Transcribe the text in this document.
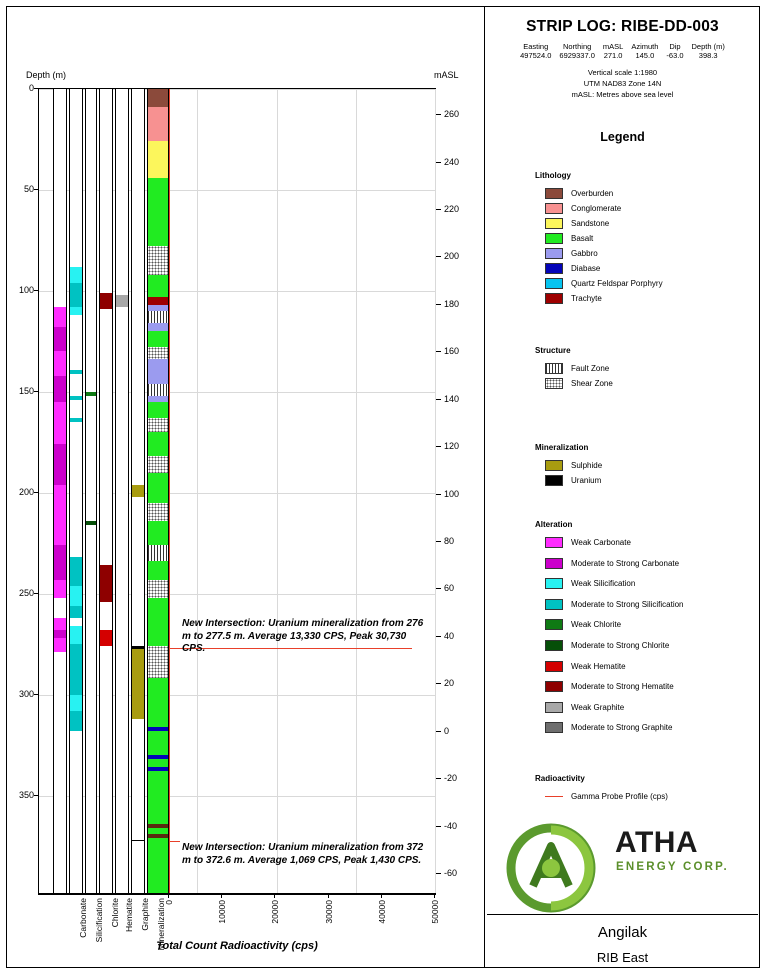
Depth (m)	mASL
Total Count Radioactivity (cps)
0
50
100
150
200
250
300
350
260
240
220
200
180
160
140
120
100
80
60
40
20
0
-20
-40
-60
0	10000	20000	30000	40000	50000
Carbonate Silicification Chlorite Hematite Graphite Mineralization
New Intersection: Uranium mineralization from 276 m to 277.5 m. Average 13,330 CPS, Peak 30,730 CPS.
New Intersection: Uranium mineralization from 372 m to 372.6 m. Average 1,069 CPS, Peak 1,430 CPS.
STRIP LOG: RIBE-DD-003
Easting	Northing	mASL	Azimuth	Dip	Depth (m)
497524.0	6929337.0	271.0	145.0	-63.0	398.3
Vertical scale 1:1980
UTM NAD83 Zone 14N
mASL: Metres above sea level
Legend
Lithology
Overburden
Conglomerate
Sandstone
Basalt
Gabbro
Diabase
Quartz Feldspar Porphyry
Trachyte
Structure
Fault Zone
Shear Zone
Mineralization
Sulphide
Uranium
Alteration
Weak Carbonate
Moderate to Strong Carbonate
Weak Silicification
Moderate to Strong Silicification
Weak Chlorite
Moderate to Strong Chlorite
Weak Hematite
Moderate to Strong Hematite
Weak Graphite
Moderate to Strong Graphite
Radioactivity
Gamma Probe Profile (cps)
ATHA
ENERGY CORP.
Angilak
RIB East
